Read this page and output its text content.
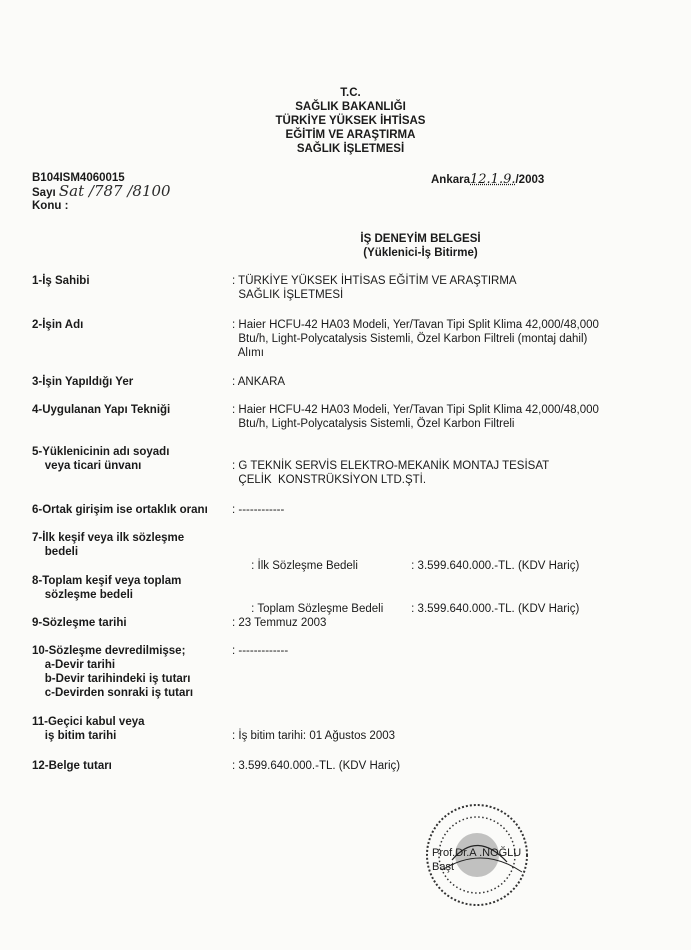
T.C.
SAĞLIK BAKANLIĞI
TÜRKİYE YÜKSEK İHTİSAS
EĞİTİM VE ARAŞTIRMA
SAĞLIK İŞLETMESİ
B104ISM4060015
Sayı Sat /787 /8100
Konu :
Ankara12.1.9./2003
İŞ DENEYİM BELGESİ
(Yüklenici-İş Bitirme)
1-İş Sahibi	: TÜRKİYE YÜKSEK İHTİSAS EĞİTİM VE ARAŞTIRMA
SAĞLIK İŞLETMESİ
2-İşin Adı	: Haier HCFU-42 HA03 Modeli, Yer/Tavan Tipi Split Klima 42,000/48,000
Btu/h, Light-Polycatalysis Sistemli, Özel Karbon Filtreli (montaj dahil)
Alımı
3-İşin Yapıldığı Yer	: ANKARA
4-Uygulanan Yapı Tekniği	: Haier HCFU-42 HA03 Modeli, Yer/Tavan Tipi Split Klima 42,000/48,000
Btu/h, Light-Polycatalysis Sistemli, Özel Karbon Filtreli
5-Yüklenicinin adı soyadı
veya ticari ünvanı	
: G TEKNİK SERVİS ELEKTRO-MEKANİK MONTAJ TESİSAT
ÇELİK  KONSTRÜKSİYON LTD.ŞTİ.
6-Ortak girişim ise ortaklık oranı	: ------------
7-İlk keşif veya ilk sözleşme
bedeli

: İlk Sözleşme Bedeli	: 3.599.640.000.-TL. (KDV Hariç)

8-Toplam keşif veya toplam
sözleşme bedeli

: Toplam Sözleşme Bedeli : 3.599.640.000.-TL. (KDV Hariç)

9-Sözleşme tarihi	: 23 Temmuz 2003
10-Sözleşme devredilmişse;
a-Devir tarihi
b-Devir tarihindeki iş tutarı
c-Devirden sonraki iş tutarı
: -------------
11-Geçici kabul veya
iş bitim tarihi	
: İş bitim tarihi: 01 Ağustos 2003
12-Belge tutarı	: 3.599.640.000.-TL. (KDV Hariç)
Prof.Dr.A .NOĞLU
Başt
